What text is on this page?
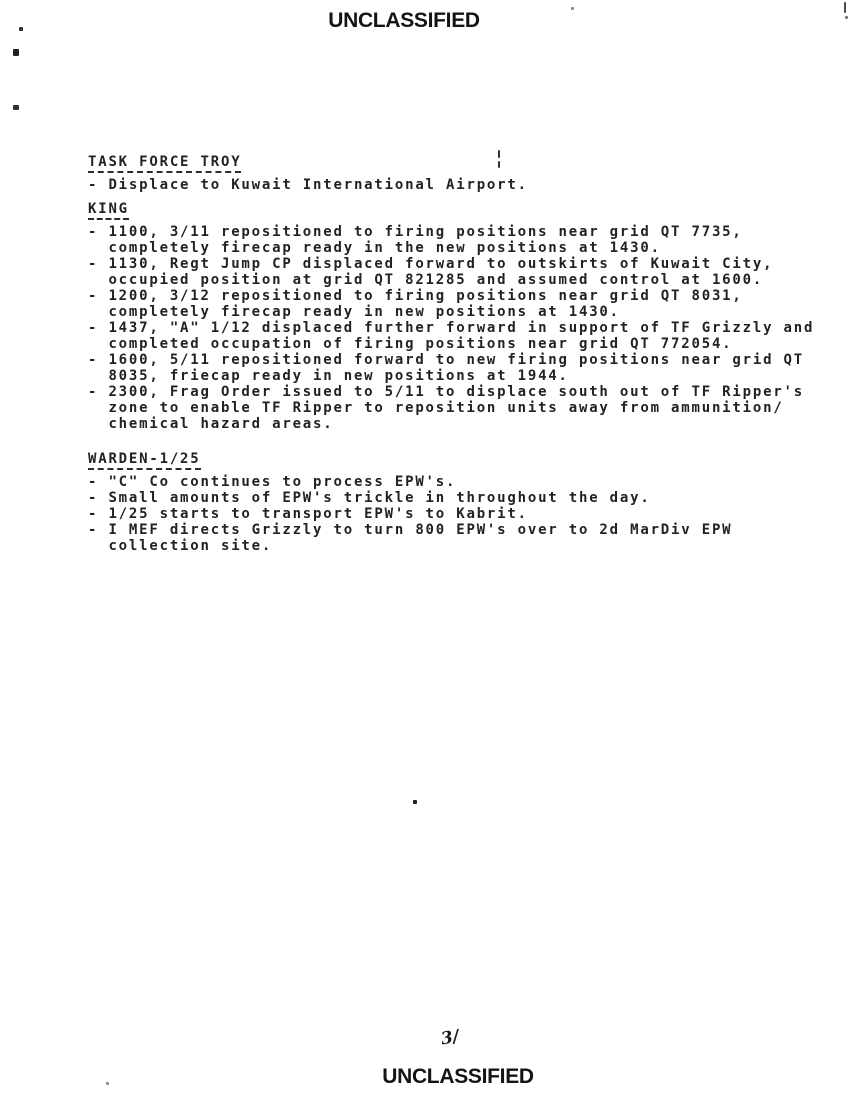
UNCLASSIFIED
TASK FORCE TROY
- Displace to Kuwait International Airport.
KING
- 1100, 3/11 repositioned to firing positions near grid QT 7735,
completely firecap ready in the new positions at 1430.
- 1130, Regt Jump CP displaced forward to outskirts of Kuwait City,
occupied position at grid QT 821285 and assumed control at 1600.
- 1200, 3/12 repositioned to firing positions near grid QT 8031,
completely firecap ready in new positions at 1430.
- 1437, "A" 1/12 displaced further forward in support of TF Grizzly and
completed occupation of firing positions near grid QT 772054.
- 1600, 5/11 repositioned forward to new firing positions near grid QT
8035, friecap ready in new positions at 1944.
- 2300, Frag Order issued to 5/11 to displace south out of TF Ripper's
zone to enable TF Ripper to reposition units away from ammunition/
chemical hazard areas.
WARDEN-1/25
- "C" Co continues to process EPW's.
- Small amounts of EPW's trickle in throughout the day.
- 1/25 starts to transport EPW's to Kabrit.
- I MEF directs Grizzly to turn 800 EPW's over to 2d MarDiv EPW
collection site.
3/
UNCLASSIFIED
